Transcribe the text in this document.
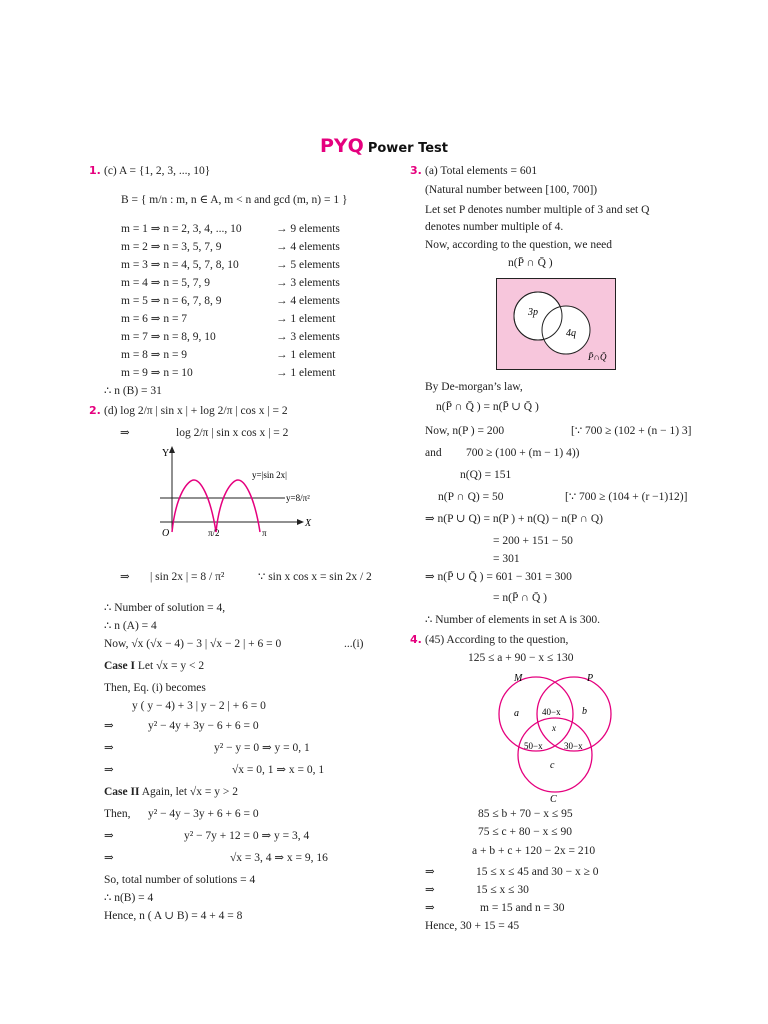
PYQ Power Test
1. (c) A = {1, 2, 3, ..., 10}
B = { m/n : m, n ∈ A, m < n and gcd (m, n) = 1 }
m = 1 ⇒ n = 2, 3, 4, ..., 10	→ 9 elements
m = 2 ⇒ n = 3, 5, 7, 9	→ 4 elements
m = 3 ⇒ n = 4, 5, 7, 8, 10	→ 5 elements
m = 4 ⇒ n = 5, 7, 9	→ 3 elements
m = 5 ⇒ n = 6, 7, 8, 9	→ 4 elements
m = 6 ⇒ n = 7	→ 1 element
m = 7 ⇒ n = 8, 9, 10	→ 3 elements
m = 8 ⇒ n = 9	→ 1 element
m = 9 ⇒ n = 10	→ 1 element
∴ n (B) = 31
2. (d) log 2/π | sin x | + log 2/π | cos x | = 2
⇒	log 2/π | sin x cos x | = 2
Y
X
O
y=|sin 2x|
y=8/π²
π/2	π
⇒ | sin 2x | = 8 / π²	∵ sin x cos x = sin 2x / 2
∴ Number of solution = 4,
∴ n (A) = 4
Now, √x (√x − 4) − 3 | √x − 2 | + 6 = 0	...(i)
Case I Let √x = y < 2
Then, Eq. (i) becomes
y ( y − 4) + 3 | y − 2 | + 6 = 0
⇒	y² − 4y + 3y − 6 + 6 = 0
⇒	y² − y = 0 ⇒ y = 0, 1
⇒	√x = 0, 1 ⇒ x = 0, 1
Case II Again, let √x = y > 2
Then, y² − 4y − 3y + 6 + 6 = 0
⇒	y² − 7y + 12 = 0 ⇒ y = 3, 4
⇒	√x = 3, 4 ⇒ x = 9, 16
So, total number of solutions = 4
∴ n(B) = 4
Hence, n ( A ∪ B) = 4 + 4 = 8
3. (a) Total elements = 601
(Natural number between [100, 700])
Let set P denotes number multiple of 3 and set Q
denotes number multiple of 4.
Now, according to the question, we need
n(P̄ ∩ Q̄ )
3p
4q
P̄∩Q̄
By De-morgan’s law,
n(P̄ ∩ Q̄ ) = n(P̄ ∪ Q̄ )
Now, n(P ) = 200	[∵ 700 ≥ (102 + (n − 1) 3]
and 700 ≥ (100 + (m − 1) 4))
n(Q) = 151
n(P ∩ Q) = 50	[∵ 700 ≥ (104 + (r −1)12)]
⇒ n(P ∪ Q) = n(P ) + n(Q) − n(P ∩ Q)
= 200 + 151 − 50
= 301
⇒ n(P̄ ∪ Q̄ ) = 601 − 301 = 300
= n(P̄ ∩ Q̄ )
∴ Number of elements in set A is 300.
4. (45) According to the question,
125 ≤ a + 90 − x ≤ 130
M	P
C
a	b
c
40−x
x
50−x 30−x
85 ≤ b + 70 − x ≤ 95
75 ≤ c + 80 − x ≤ 90
a + b + c + 120 − 2x = 210
⇒	15 ≤ x ≤ 45 and 30 − x ≥ 0
⇒	15 ≤ x ≤ 30
⇒	m = 15 and n = 30
Hence, 30 + 15 = 45
